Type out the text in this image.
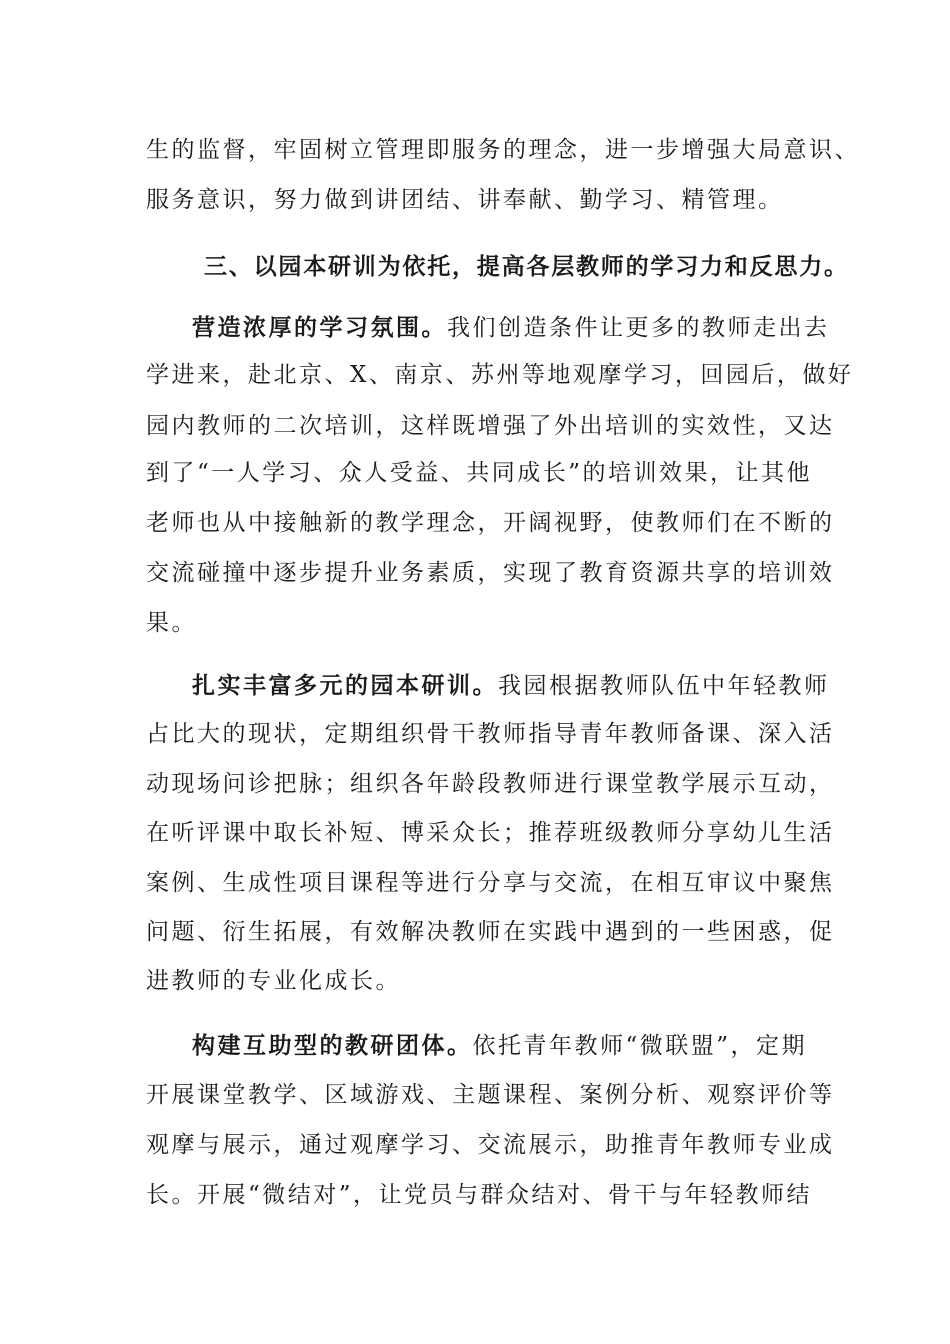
生的监督，牢固树立管理即服务的理念，进一步增强大局意识、
服务意识，努力做到讲团结、讲奉献、勤学习、精管理。
三、以园本研训为依托，提高各层教师的学习力和反思力。
营造浓厚的学习氛围。我们创造条件让更多的教师走出去
学进来，赴北京、X、南京、苏州等地观摩学习，回园后，做好
园内教师的二次培训，这样既增强了外出培训的实效性，又达
到了“一人学习、众人受益、共同成长”的培训效果，让其他
老师也从中接触新的教学理念，开阔视野，使教师们在不断的
交流碰撞中逐步提升业务素质，实现了教育资源共享的培训效
果。
扎实丰富多元的园本研训。我园根据教师队伍中年轻教师
占比大的现状，定期组织骨干教师指导青年教师备课、深入活
动现场问诊把脉；组织各年龄段教师进行课堂教学展示互动，
在听评课中取长补短、博采众长；推荐班级教师分享幼儿生活
案例、生成性项目课程等进行分享与交流，在相互审议中聚焦
问题、衍生拓展，有效解决教师在实践中遇到的一些困惑，促
进教师的专业化成长。
构建互助型的教研团体。依托青年教师“微联盟”，定期
开展课堂教学、区域游戏、主题课程、案例分析、观察评价等
观摩与展示，通过观摩学习、交流展示，助推青年教师专业成
长。开展“微结对”，让党员与群众结对、骨干与年轻教师结
